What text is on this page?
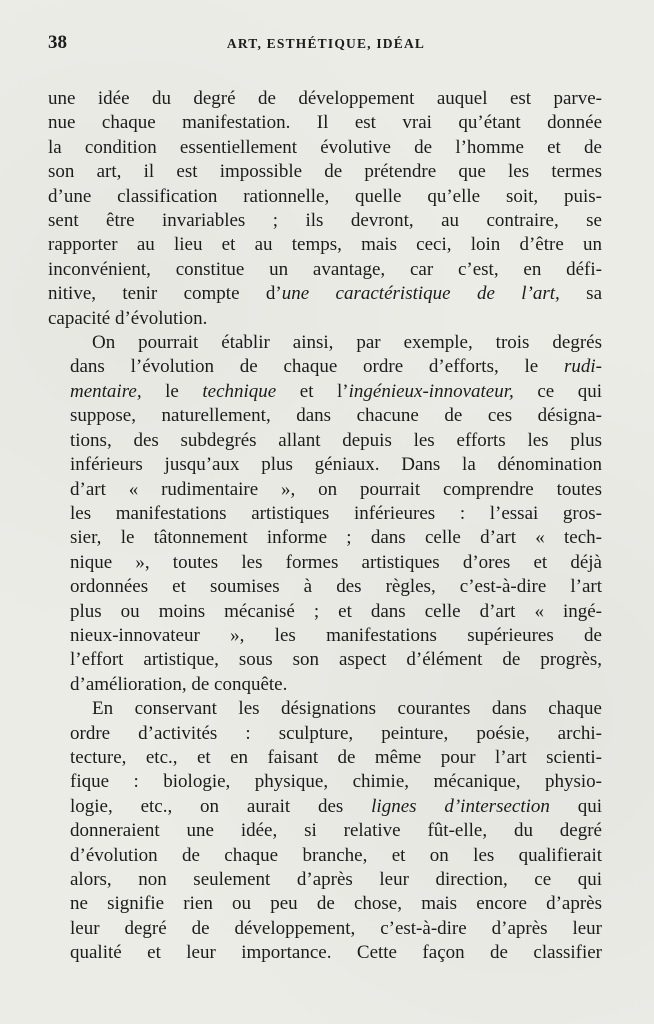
38	ART, ESTHÉTIQUE, IDÉAL
une idée du degré de développement auquel est parve-
nue chaque manifestation. Il est vrai qu’étant donnée
la condition essentiellement évolutive de l’homme et de
son art, il est impossible de prétendre que les termes
d’une classification rationnelle, quelle qu’elle soit, puis-
sent être invariables ; ils devront, au contraire, se
rapporter au lieu et au temps, mais ceci, loin d’être un
inconvénient, constitue un avantage, car c’est, en défi-
nitive, tenir compte d’une caractéristique de l’art, sa
capacité d’évolution.
On pourrait établir ainsi, par exemple, trois degrés
dans l’évolution de chaque ordre d’efforts, le rudi-
mentaire, le technique et l’ingénieux-innovateur, ce qui
suppose, naturellement, dans chacune de ces désigna-
tions, des subdegrés allant depuis les efforts les plus
inférieurs jusqu’aux plus géniaux. Dans la dénomination
d’art « rudimentaire », on pourrait comprendre toutes
les manifestations artistiques inférieures : l’essai gros-
sier, le tâtonnement informe ; dans celle d’art « tech-
nique », toutes les formes artistiques d’ores et déjà
ordonnées et soumises à des règles, c’est-à-dire l’art
plus ou moins mécanisé ; et dans celle d’art « ingé-
nieux-innovateur », les manifestations supérieures de
l’effort artistique, sous son aspect d’élément de progrès,
d’amélioration, de conquête.
En conservant les désignations courantes dans chaque
ordre d’activités : sculpture, peinture, poésie, archi-
tecture, etc., et en faisant de même pour l’art scienti-
fique : biologie, physique, chimie, mécanique, physio-
logie, etc., on aurait des lignes d’intersection qui
donneraient une idée, si relative fût-elle, du degré
d’évolution de chaque branche, et on les qualifierait
alors, non seulement d’après leur direction, ce qui
ne signifie rien ou peu de chose, mais encore d’après
leur degré de développement, c’est-à-dire d’après leur
qualité et leur importance. Cette façon de classifier
